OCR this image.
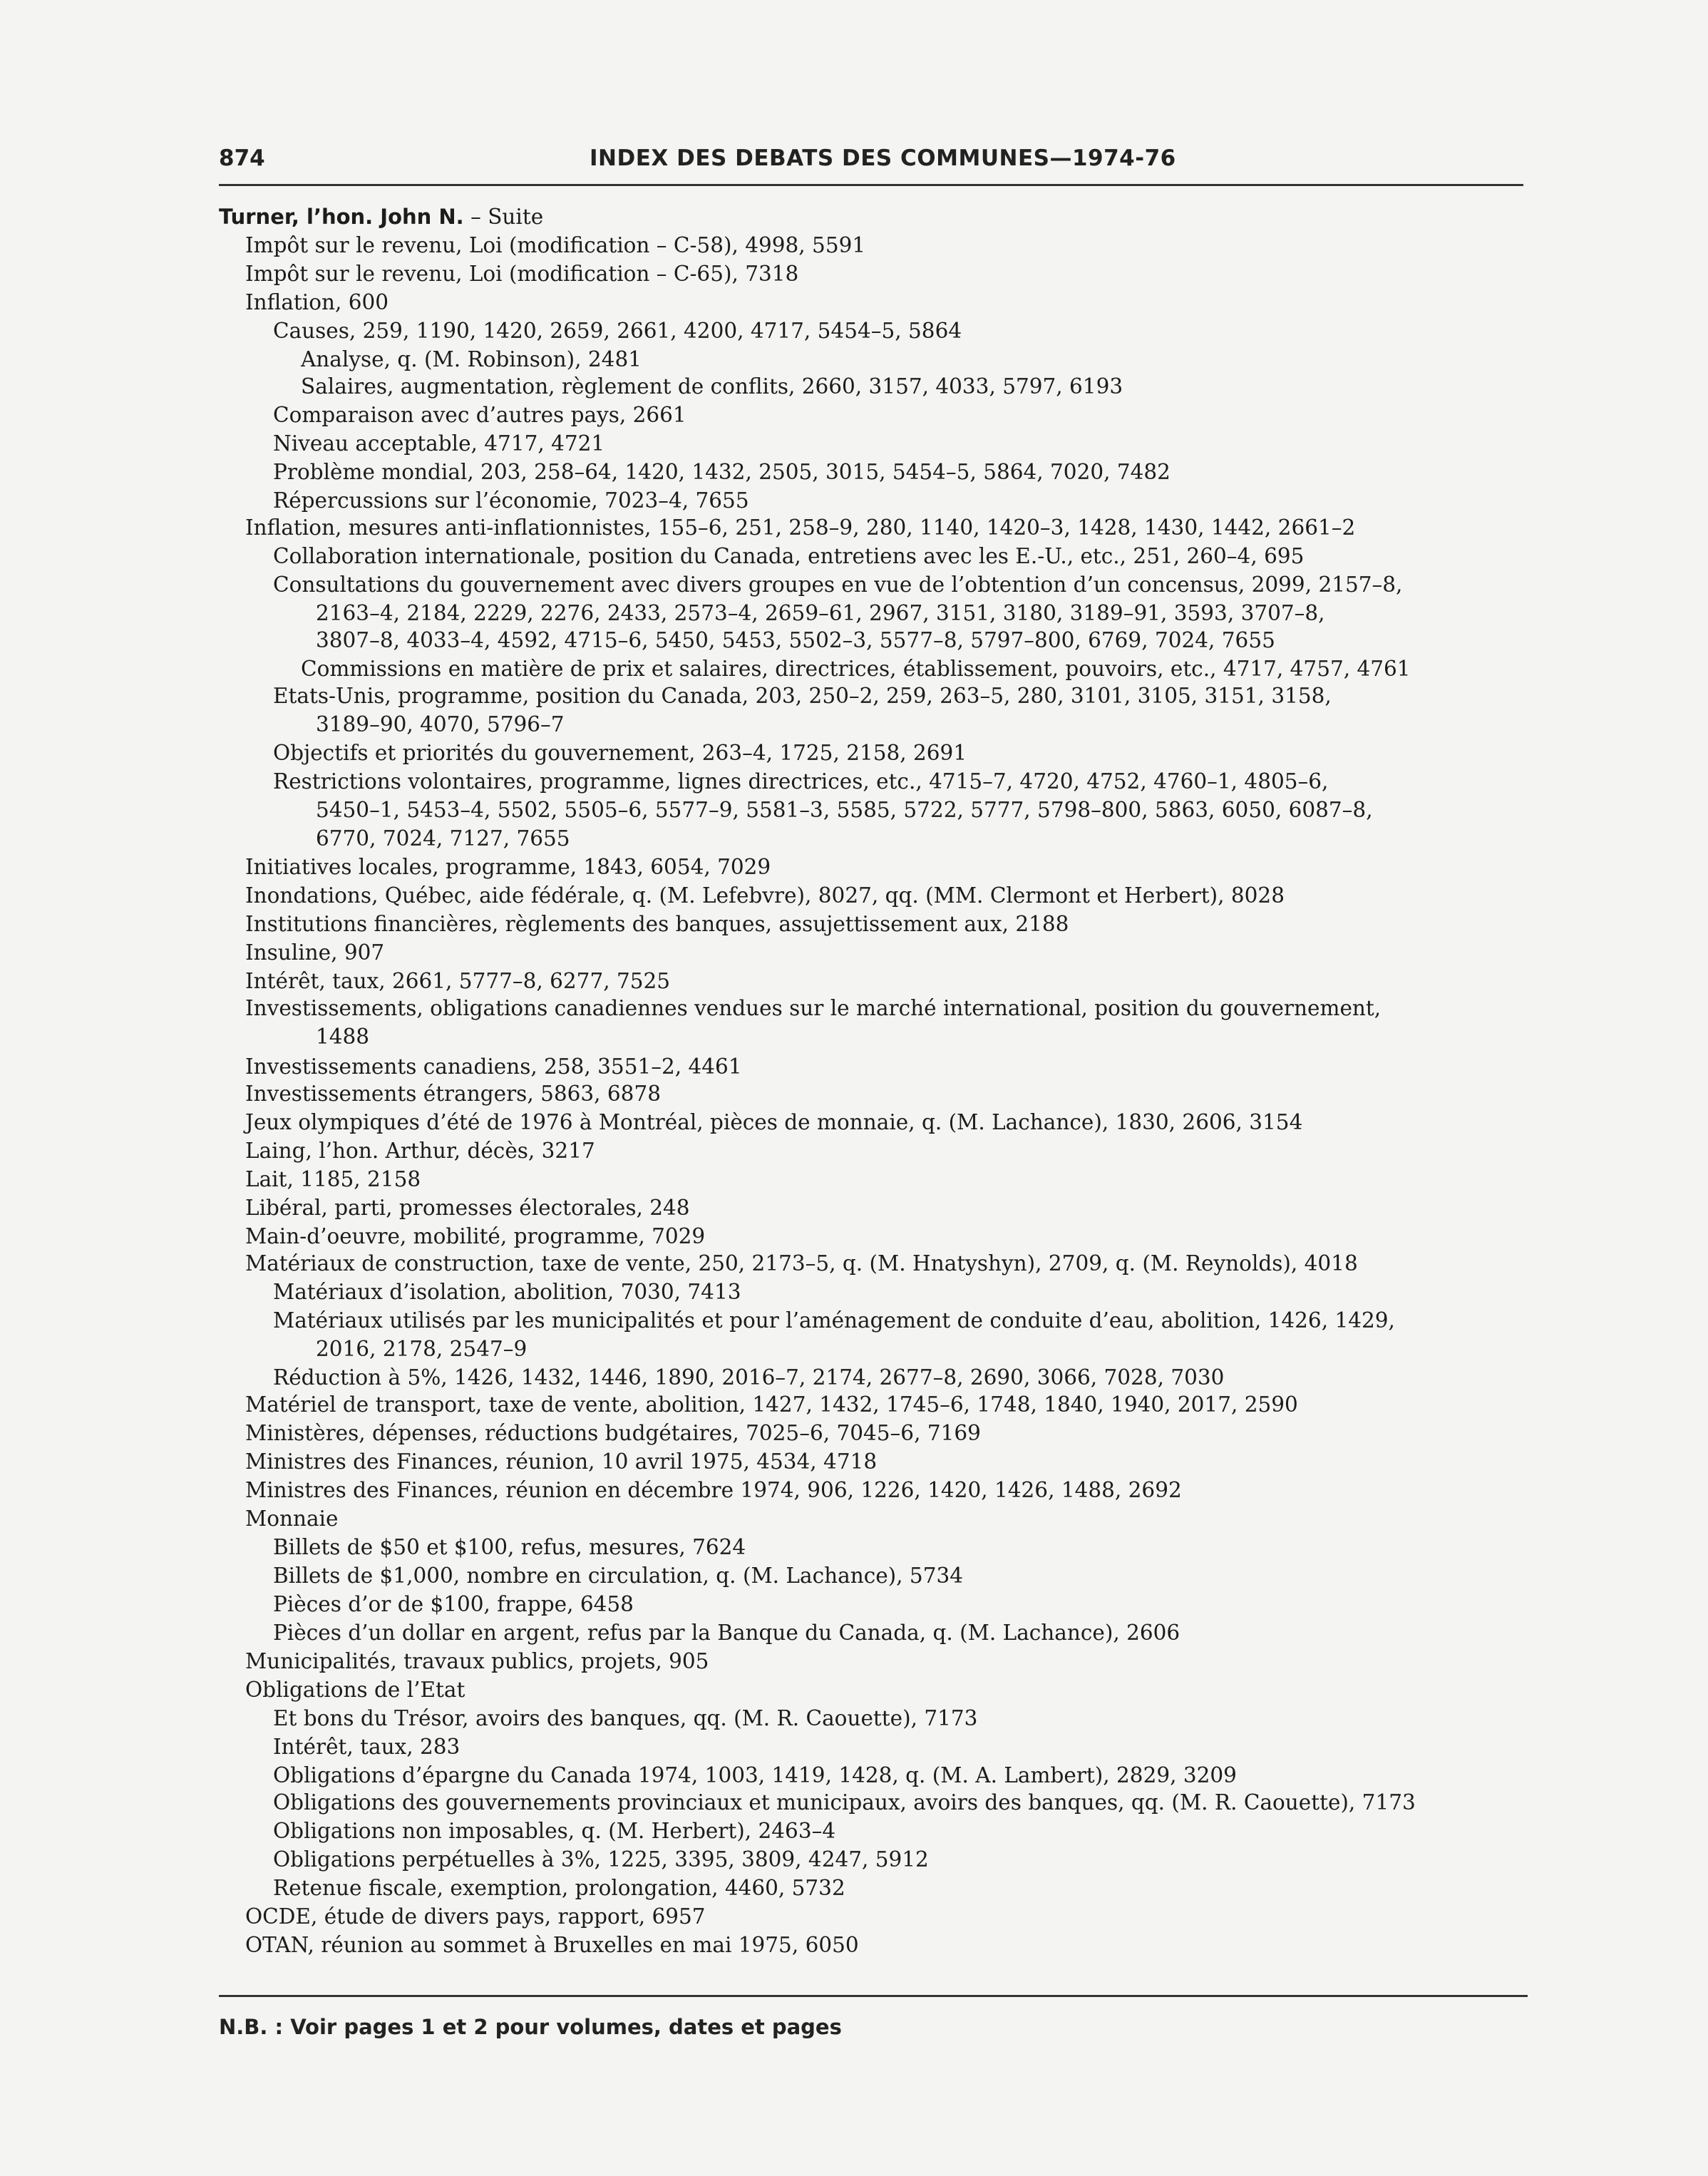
874	INDEX DES DEBATS DES COMMUNES—1974-76
Turner, l’hon. John N. – Suite
Impôt sur le revenu, Loi (modification – C-58), 4998, 5591
Impôt sur le revenu, Loi (modification – C-65), 7318
Inflation, 600
Causes, 259, 1190, 1420, 2659, 2661, 4200, 4717, 5454–5, 5864
Analyse, q. (M. Robinson), 2481
Salaires, augmentation, règlement de conflits, 2660, 3157, 4033, 5797, 6193
Comparaison avec d’autres pays, 2661
Niveau acceptable, 4717, 4721
Problème mondial, 203, 258–64, 1420, 1432, 2505, 3015, 5454–5, 5864, 7020, 7482
Répercussions sur l’économie, 7023–4, 7655
Inflation, mesures anti-inflationnistes, 155–6, 251, 258–9, 280, 1140, 1420–3, 1428, 1430, 1442, 2661–2
Collaboration internationale, position du Canada, entretiens avec les E.-U., etc., 251, 260–4, 695
Consultations du gouvernement avec divers groupes en vue de l’obtention d’un concensus, 2099, 2157–8,
2163–4, 2184, 2229, 2276, 2433, 2573–4, 2659–61, 2967, 3151, 3180, 3189–91, 3593, 3707–8,
3807–8, 4033–4, 4592, 4715–6, 5450, 5453, 5502–3, 5577–8, 5797–800, 6769, 7024, 7655
Commissions en matière de prix et salaires, directrices, établissement, pouvoirs, etc., 4717, 4757, 4761
Etats-Unis, programme, position du Canada, 203, 250–2, 259, 263–5, 280, 3101, 3105, 3151, 3158,
3189–90, 4070, 5796–7
Objectifs et priorités du gouvernement, 263–4, 1725, 2158, 2691
Restrictions volontaires, programme, lignes directrices, etc., 4715–7, 4720, 4752, 4760–1, 4805–6,
5450–1, 5453–4, 5502, 5505–6, 5577–9, 5581–3, 5585, 5722, 5777, 5798–800, 5863, 6050, 6087–8,
6770, 7024, 7127, 7655
Initiatives locales, programme, 1843, 6054, 7029
Inondations, Québec, aide fédérale, q. (M. Lefebvre), 8027, qq. (MM. Clermont et Herbert), 8028
Institutions financières, règlements des banques, assujettissement aux, 2188
Insuline, 907
Intérêt, taux, 2661, 5777–8, 6277, 7525
Investissements, obligations canadiennes vendues sur le marché international, position du gouvernement,
1488
Investissements canadiens, 258, 3551–2, 4461
Investissements étrangers, 5863, 6878
Jeux olympiques d’été de 1976 à Montréal, pièces de monnaie, q. (M. Lachance), 1830, 2606, 3154
Laing, l’hon. Arthur, décès, 3217
Lait, 1185, 2158
Libéral, parti, promesses électorales, 248
Main-d’oeuvre, mobilité, programme, 7029
Matériaux de construction, taxe de vente, 250, 2173–5, q. (M. Hnatyshyn), 2709, q. (M. Reynolds), 4018
Matériaux d’isolation, abolition, 7030, 7413
Matériaux utilisés par les municipalités et pour l’aménagement de conduite d’eau, abolition, 1426, 1429,
2016, 2178, 2547–9
Réduction à 5%, 1426, 1432, 1446, 1890, 2016–7, 2174, 2677–8, 2690, 3066, 7028, 7030
Matériel de transport, taxe de vente, abolition, 1427, 1432, 1745–6, 1748, 1840, 1940, 2017, 2590
Ministères, dépenses, réductions budgétaires, 7025–6, 7045–6, 7169
Ministres des Finances, réunion, 10 avril 1975, 4534, 4718
Ministres des Finances, réunion en décembre 1974, 906, 1226, 1420, 1426, 1488, 2692
Monnaie
Billets de $50 et $100, refus, mesures, 7624
Billets de $1,000, nombre en circulation, q. (M. Lachance), 5734
Pièces d’or de $100, frappe, 6458
Pièces d’un dollar en argent, refus par la Banque du Canada, q. (M. Lachance), 2606
Municipalités, travaux publics, projets, 905
Obligations de l’Etat
Et bons du Trésor, avoirs des banques, qq. (M. R. Caouette), 7173
Intérêt, taux, 283
Obligations d’épargne du Canada 1974, 1003, 1419, 1428, q. (M. A. Lambert), 2829, 3209
Obligations des gouvernements provinciaux et municipaux, avoirs des banques, qq. (M. R. Caouette), 7173
Obligations non imposables, q. (M. Herbert), 2463–4
Obligations perpétuelles à 3%, 1225, 3395, 3809, 4247, 5912
Retenue fiscale, exemption, prolongation, 4460, 5732
OCDE, étude de divers pays, rapport, 6957
OTAN, réunion au sommet à Bruxelles en mai 1975, 6050
N.B. : Voir pages 1 et 2 pour volumes, dates et pages
